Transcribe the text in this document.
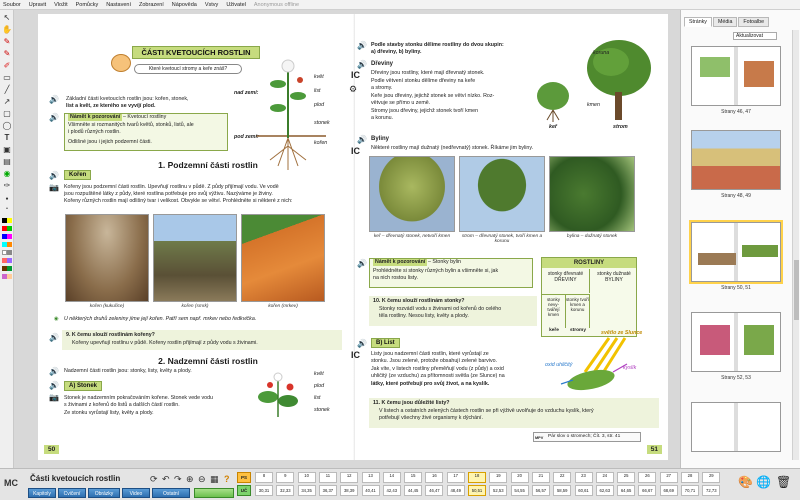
Soubor Upravit Vložit Pomůcky Nastavení Zobrazení Nápověda Vstvy Uživatel Anonymous offline
↖
✋
✎
✎
✐
▭
╱
↗
▢
◯
T
▣
▤
◉
✑
●
•
ČÁSTI KVETOUCÍCH ROSTLIN
Které kvetoucí stromy a keře znáš?
🔊 Základní části kvetoucích rostlin jsou: kořen, stonek,
list a květ, ze kterého se vyvíjí plod.
květ
list
plod
stonek
kořen
nad zemí:
pod zemí:
🔊	Námět k pozorování – Kvetoucí rostliny
Všimněte si rozmanitých tvarů květů, stonků, listů, ale
i plodů různých rostlin.
Odlišné jsou i jejich podzemní části.
1. Podzemní části rostlin
🔊	Kořen
📷 Kořeny jsou podzemní části rostlin. Upevňují rostlinu v půdě. Z půdy přijímají vodu. Ve vodě
jsou rozpuštěné látky z půdy, které rostlina potřebuje pro svůj výživu. Nazýváme je živiny.
Kořeny různých rostlin mají odlišný tvar i velikost. Obvykle se větví. Prohlédněte si některé z nich:
kořen (kukuřice)	kořen (smrk)	kořen (mrkev)
◉ U některých druhů zeleniny jíme její kořen. Patří sem např. mrkev nebo ředkvička.
🔊 9. K čemu slouží rostlinám kořeny?
Kořeny upevňují rostlinu v půdě. Kořeny rostlin přijímají z půdy vodu s živinami.
2. Nadzemní části rostlin
🔊 Nadzemní části rostlin jsou: stonky, listy, květy a plody.
🔊	A) Stonek
📷 Stonek je nadzemním pokračováním kořene. Stonek vede vodu
s živinami z kořenů do listů a dalších částí rostlin.
Ze stonku vyrůstají listy, květy a plody.
květ
plod
list
stonek
50
🔊 Podle stavby stonku dělíme rostliny do dvou skupin:
a) dřeviny, b) byliny.
🔊 Dřeviny
IC
⚙
Dřeviny jsou rostliny, které mají dřevnatý stonek.
Podle větvení stonku dělíme dřeviny na keře
a stromy.
Keře jsou dřeviny, jejichž stonek se větví nízko. Roz-
větvuje se přímo u země.
Stromy jsou dřeviny, jejichž stonek tvoří kmen
a korunu.
koruna
kmen
keř	strom
🔊 Byliny
IC Některé rostliny mají dužnatý (nedřevnatý) stonek. Říkáme jim byliny.
keř – dřevnatý stonek, netvoří kmen	strom – dřevnatý stonek, tvoří kmen a korunu
bylina – dužnatý stonek
🔊	Námět k pozorování – Stonky bylin
Prohlédněte si stonky různých bylin a všimněte si, jak
na nich rostou listy.
ROSTLINY
stonky dřevnaté DŘEVINY
stonky dužnaté BYLINY
stonky nevy-tvářejí kmen
stonky tvoří kmen a korunu
keře	stromy
10. K čemu slouží rostlinám stonky?
Stonky rozvádí vodu s živinami od kořenů do celého
těla rostliny. Nesou listy, květy a plody.
🔊	B) List
IC Listy jsou nadzemní části rostlin, které vyrůstají ze
stonku. Jsou zelené, protože obsahují zelené barvivo.
Jak víte, v listech rostliny přeměňují vodu (z půdy) a oxid
uhličitý (ze vzduchu) za přítomnosti světla (ze Slunce) na
látky, které potřebují pro svůj život, a na kyslík.
světlo ze Slunce
oxid uhličitý	kyslík
11. K čemu jsou důležité listy?
V listech a ostatních zelených částech rostlin se při výživě uvolňuje do vzduchu kyslík, který
potřebují všechny živé organismy k dýchání.
MPV Pár slov o stromech; Čít. 3, str. 41
51
Stránky	Média	Fotoalbe
Aktualizovat
Strany 46, 47
Strany 48, 49
Strany 50, 51
Strany 52, 53
MC Části kvetoucích rostlin
Kapitoly	Cvičení	Obrázky	Video	Ostatní
⟳ ↶ ↷ ⊕ ⊖ ▦ ?	PS
UČ
8
30,31
9
32,33
10
34,35
11
36,37
12
38,39
13
40,41
14
42,43
15
44,45
16
46,47
17
48,49
18
50,51
19
52,53
20
54,55
21
56,57
22
58,59
23
60,61
24
62,63
25
64,65
26
66,67
27
68,69
28
70,71
29
72,73
🎨 🌐 🗑
